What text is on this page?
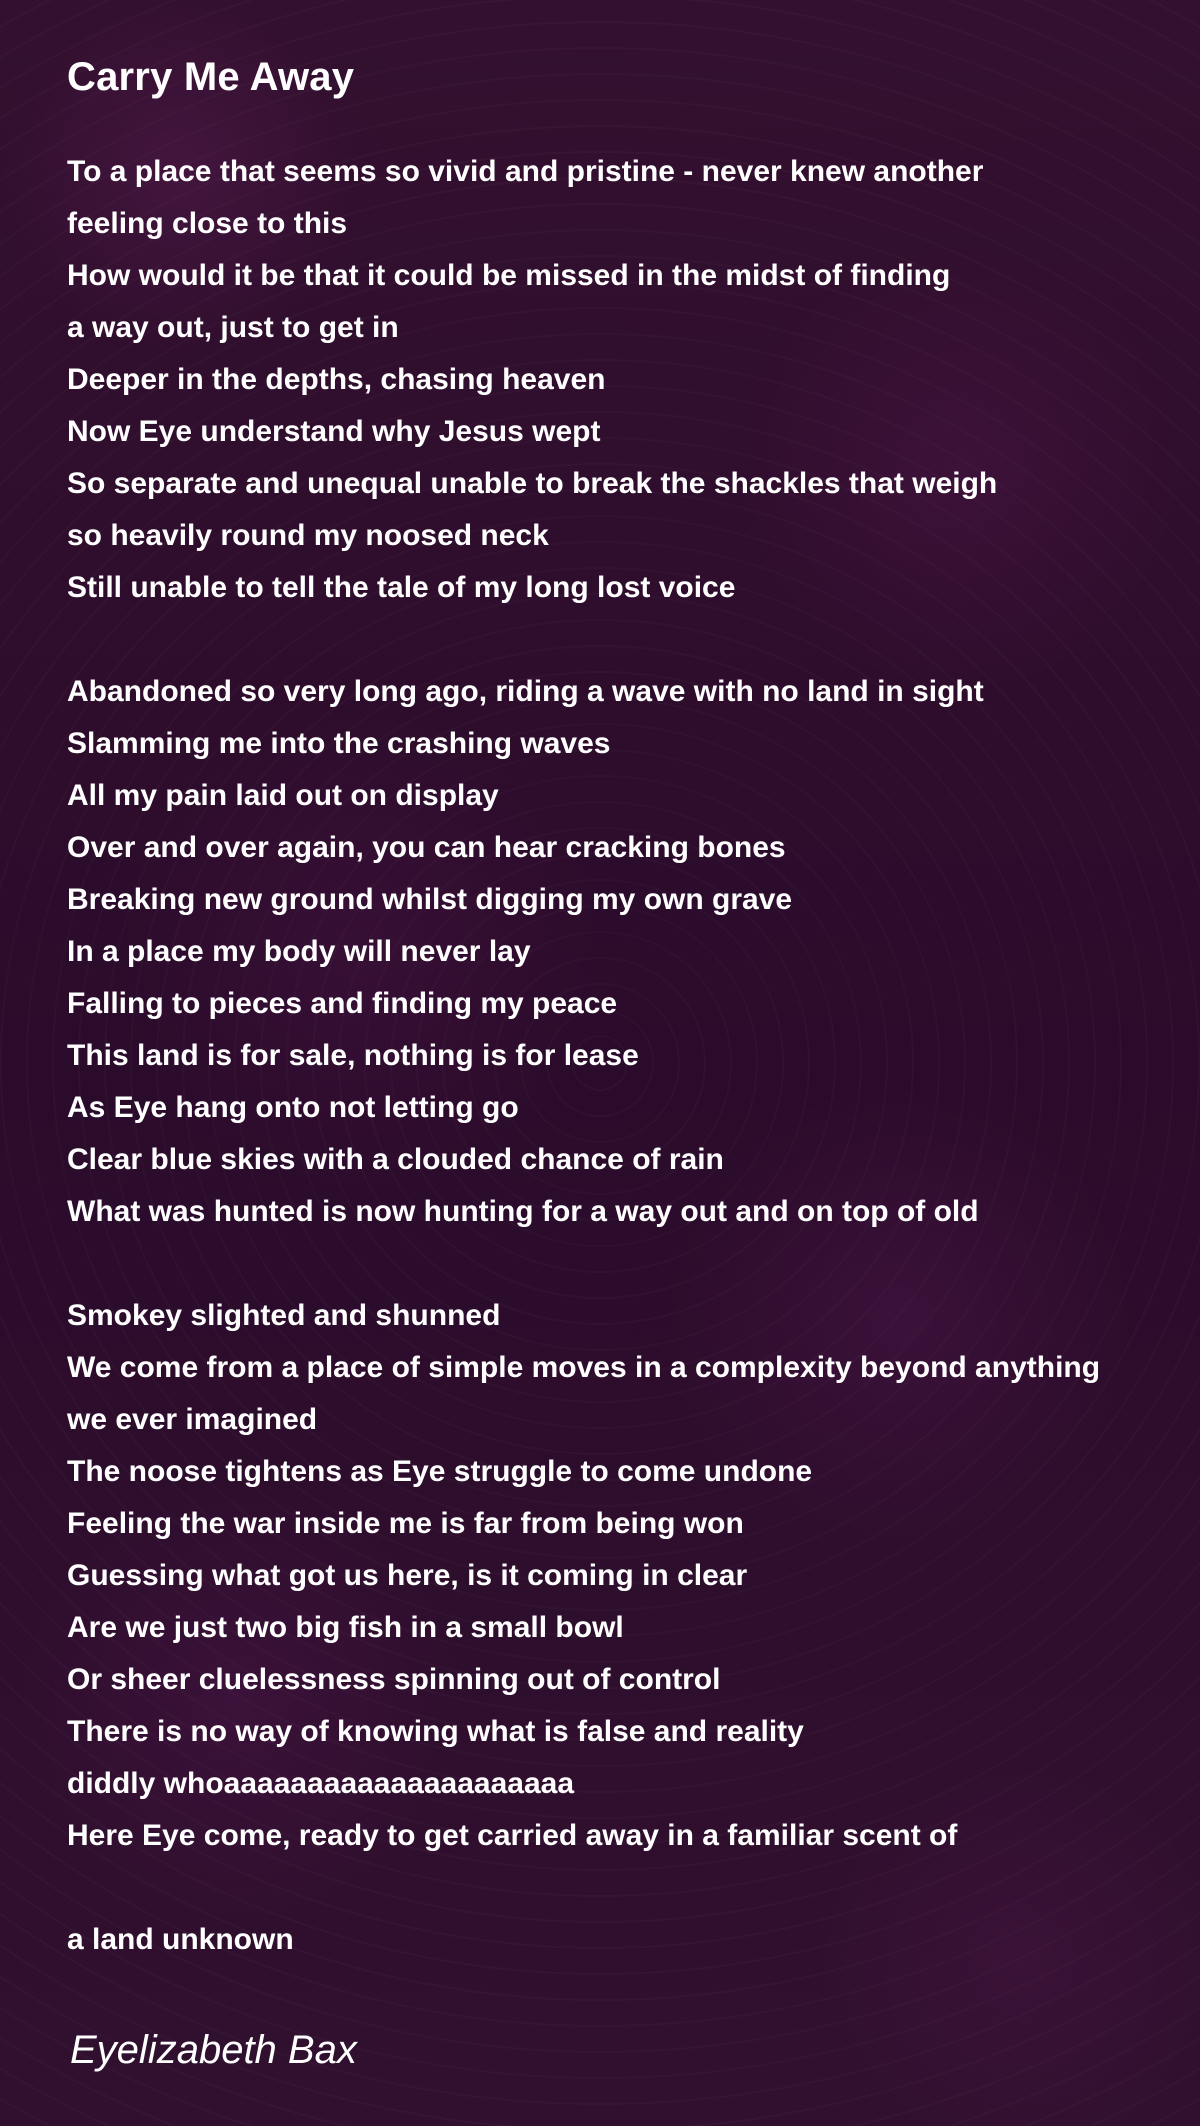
Carry Me Away
To a place that seems so vivid and pristine - never knew another
feeling close to this
How would it be that it could be missed in the midst of finding
a way out, just to get in
Deeper in the depths, chasing heaven
Now Eye understand why Jesus wept
So separate and unequal unable to break the shackles that weigh
so heavily round my noosed neck
Still unable to tell the tale of my long lost voice
Abandoned so very long ago, riding a wave with no land in sight
Slamming me into the crashing waves
All my pain laid out on display
Over and over again, you can hear cracking bones
Breaking new ground whilst digging my own grave
In a place my body will never lay
Falling to pieces and finding my peace
This land is for sale, nothing is for lease
As Eye hang onto not letting go
Clear blue skies with a clouded chance of rain
What was hunted is now hunting for a way out and on top of old
Smokey slighted and shunned
We come from a place of simple moves in a complexity beyond anything
we ever imagined
The noose tightens as Eye struggle to come undone
Feeling the war inside me is far from being won
Guessing what got us here, is it coming in clear
Are we just two big fish in a small bowl
Or sheer cluelessness spinning out of control
There is no way of knowing what is false and reality
diddly whoaaaaaaaaaaaaaaaaaaaaa
Here Eye come, ready to get carried away in a familiar scent of
a land unknown
Eyelizabeth Bax
